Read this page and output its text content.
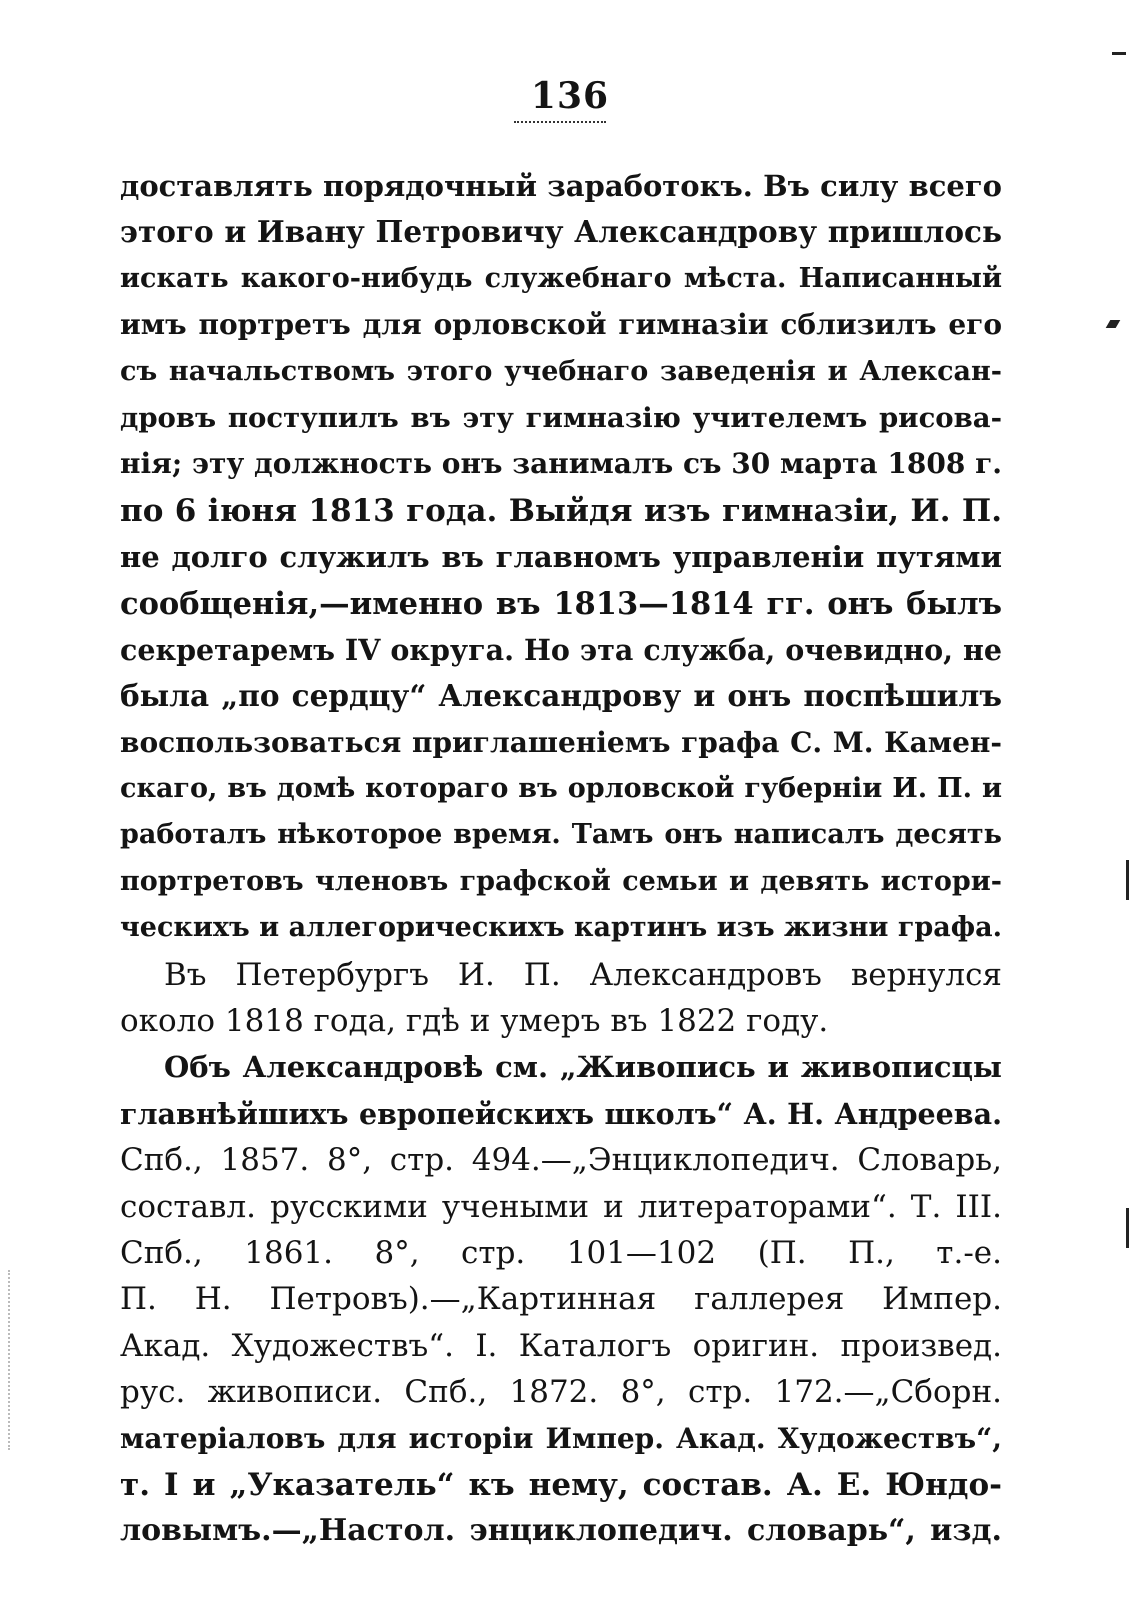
136
доставлять порядочный заработокъ. Въ силу всего
этого и Ивану Петровичу Александрову пришлось
искать какого-нибудь служебнаго мѣста. Написанный
имъ портретъ для орловской гимназіи сблизилъ его
съ начальствомъ этого учебнаго заведенія и Алексан-
дровъ поступилъ въ эту гимназію учителемъ рисова-
нія; эту должность онъ занималъ съ 30 марта 1808 г.
по 6 іюня 1813 года. Выйдя изъ гимназіи, И. П.
не долго служилъ въ главномъ управленіи путями
сообщенія,—именно въ 1813—1814 гг. онъ былъ
секретаремъ IV округа. Но эта служба, очевидно, не
была „по сердцу“ Александрову и онъ поспѣшилъ
воспользоваться приглашеніемъ графа С. М. Камен-
скаго, въ домѣ котораго въ орловской губерніи И. П. и
работалъ нѣкоторое время. Тамъ онъ написалъ десять
портретовъ членовъ графской семьи и девять истори-
ческихъ и аллегорическихъ картинъ изъ жизни графа.
Въ Петербургъ И. П. Александровъ вернулся
около 1818 года, гдѣ и умеръ въ 1822 году.
Объ Александровѣ см. „Живопись и живописцы
главнѣйшихъ европейскихъ школъ“ А. Н. Андреева.
Спб., 1857. 8°, стр. 494.—„Энциклопедич. Словарь,
составл. русскими учеными и литераторами“. Т. III.
Спб., 1861. 8°, стр. 101—102 (П. П., т.-е.
П. Н. Петровъ).—„Картинная галлерея Импер.
Акад. Художествъ“. I. Каталогъ оригин. произвед.
рус. живописи. Спб., 1872. 8°, стр. 172.—„Сборн.
матеріаловъ для исторіи Импер. Акад. Художествъ“,
т. I и „Указатель“ къ нему, состав. А. Е. Юндо-
ловымъ.—„Настол. энциклопедич. словарь“, изд.
